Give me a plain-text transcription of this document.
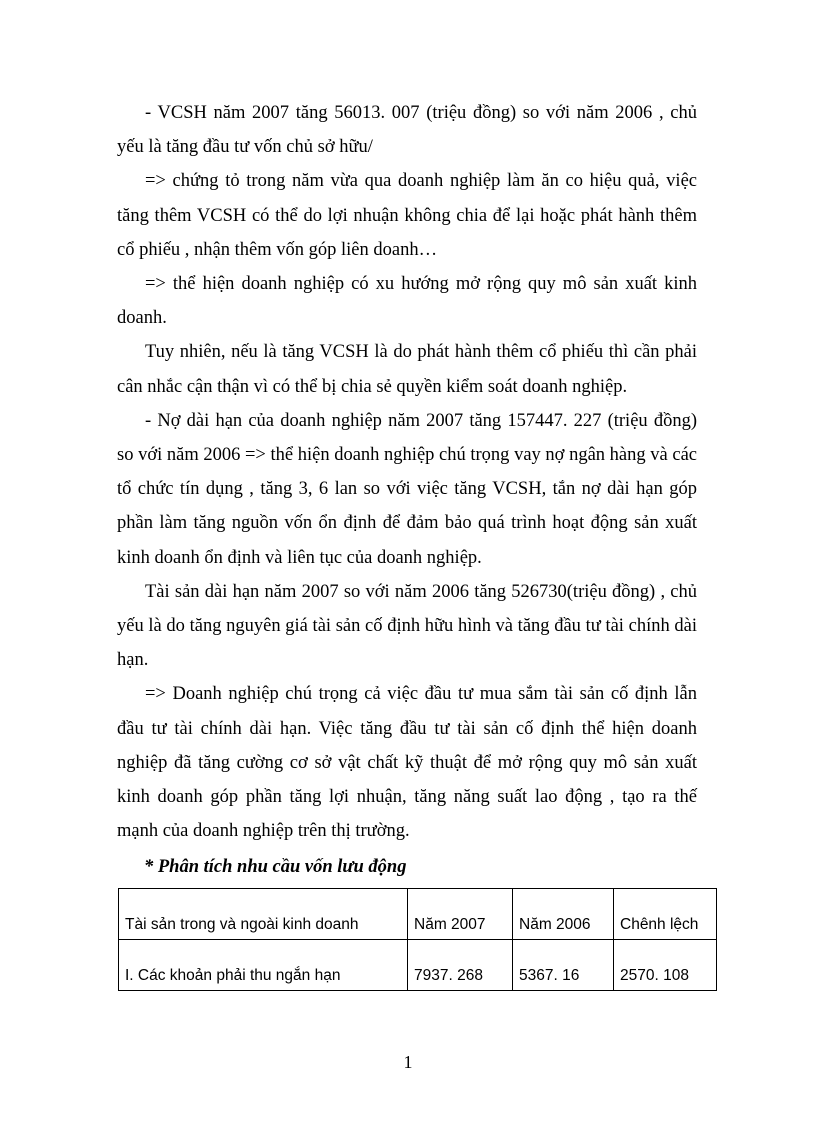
- VCSH năm 2007 tăng 56013. 007 (triệu đồng) so với năm 2006 , chủ yếu là tăng đầu tư vốn chủ sở hữu/

=> chứng tỏ trong năm vừa qua doanh nghiệp làm ăn co hiệu quả, việc tăng thêm VCSH có thể do lợi nhuận không chia để lại hoặc phát hành thêm cổ phiếu , nhận thêm vốn góp liên doanh…

=> thể hiện doanh nghiệp có xu hướng mở rộng quy mô sản xuất kinh doanh.

Tuy nhiên, nếu là tăng VCSH là do phát hành thêm cổ phiếu thì cần phải cân nhắc cận thận vì có thể bị chia sẻ quyền kiểm soát doanh nghiệp.

- Nợ dài hạn của doanh nghiệp năm 2007 tăng 157447. 227 (triệu đồng) so với năm 2006 => thể hiện doanh nghiệp chú trọng vay nợ ngân hàng và các tổ chức tín dụng , tăng 3, 6 lan so với việc tăng VCSH, tắn nợ dài hạn góp phần làm tăng nguồn vốn ổn định để đảm bảo quá trình hoạt động sản xuất kinh doanh ổn định và liên tục của doanh nghiệp.

Tài sản dài hạn năm 2007 so với năm 2006 tăng 526730(triệu đồng) , chủ yếu là do tăng nguyên giá tài sản cố định hữu hình và tăng đầu tư tài chính dài hạn.

=> Doanh nghiệp chú trọng cả việc đầu tư mua sắm tài sản cố định lẫn đầu tư tài chính dài hạn. Việc tăng đầu tư tài sản cố định thể hiện doanh nghiệp đã tăng cường cơ sở vật chất kỹ thuật để mở rộng quy mô sản xuất kinh doanh góp phần tăng lợi nhuận, tăng năng suất lao động , tạo ra thế mạnh của doanh nghiệp trên thị trường.

* Phân tích nhu cầu vốn lưu động
Tài sản trong và ngoài kinh doanh	Năm 2007	Năm 2006	Chênh lệch
I. Các khoản phải thu ngắn hạn	7937. 268	5367. 16	2570. 108
1
